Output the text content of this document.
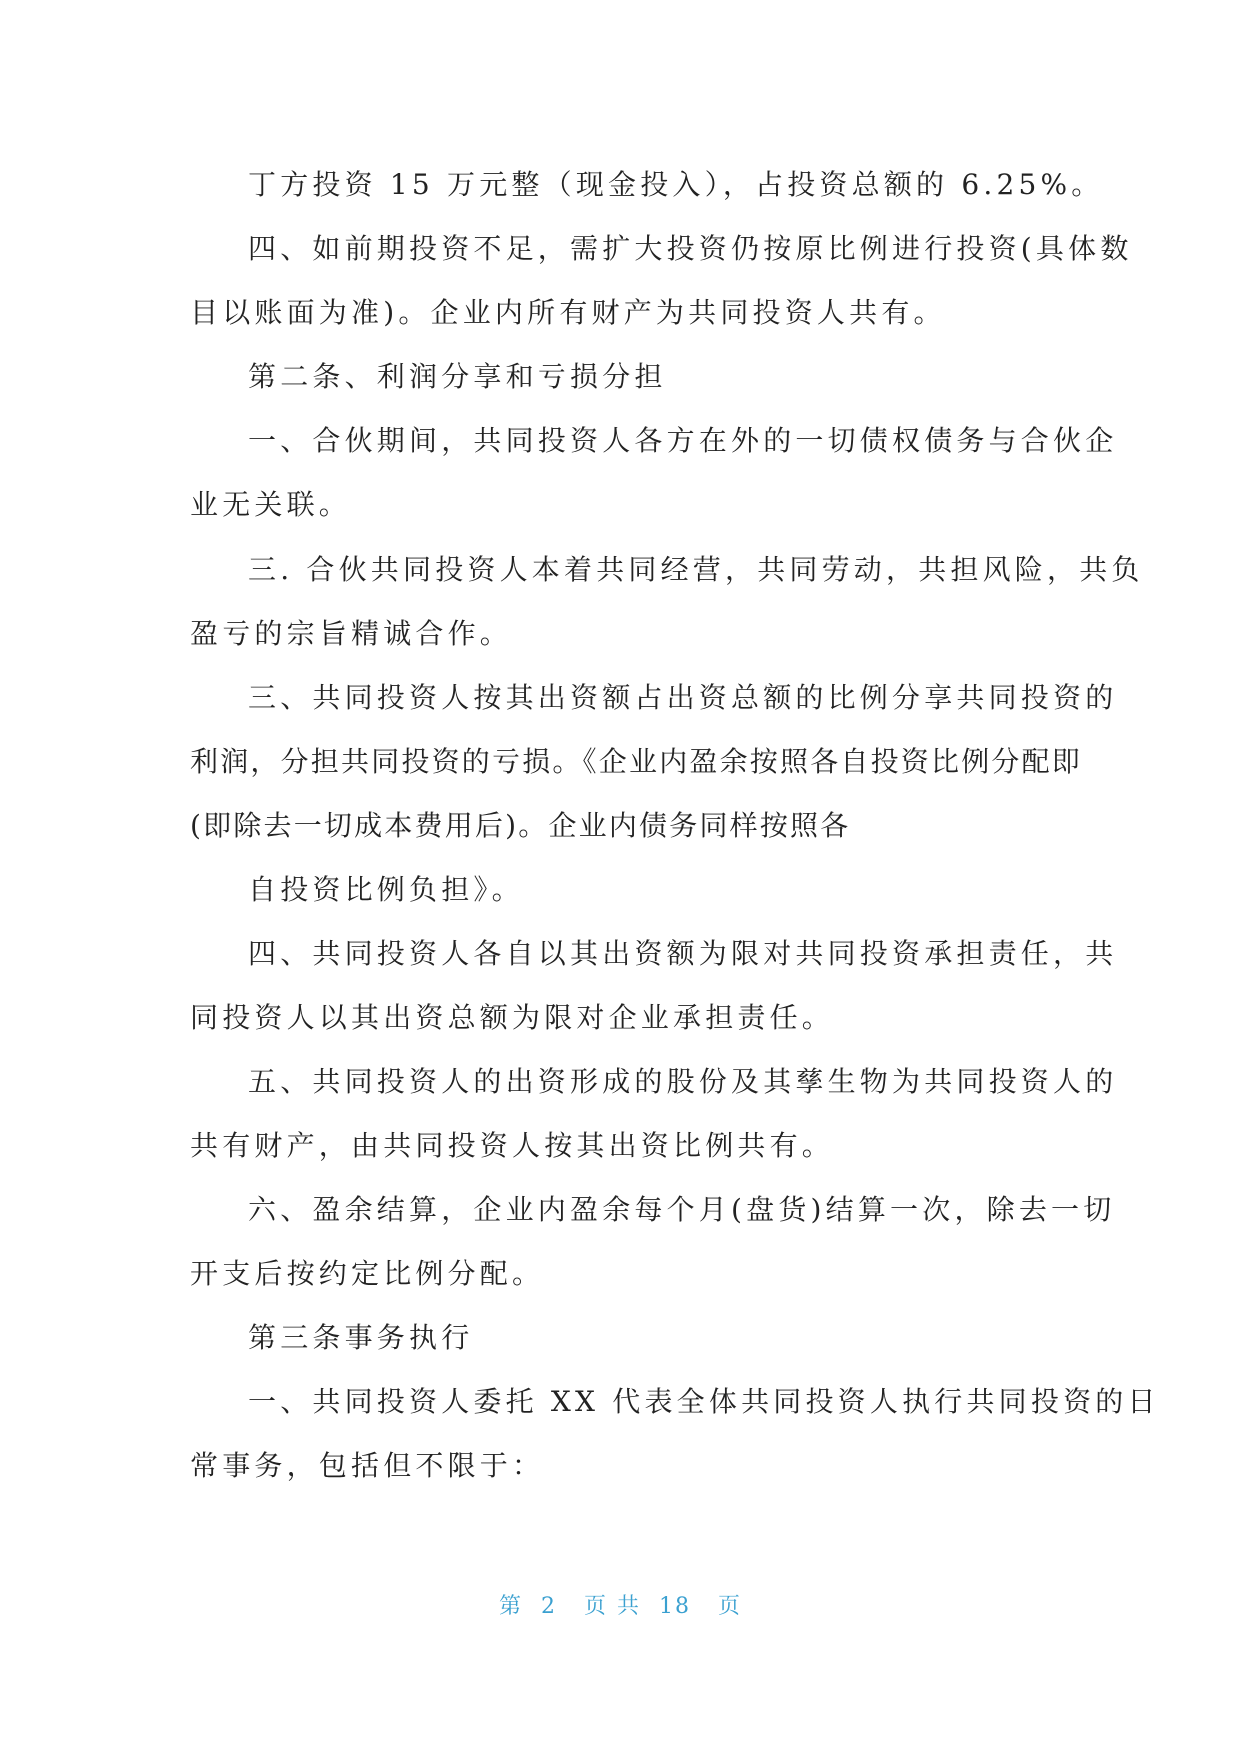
丁方投资 15 万元整（现金投入），占投资总额的 6.25%。
四、如前期投资不足，需扩大投资仍按原比例进行投资(具体数
目以账面为准)。企业内所有财产为共同投资人共有。
第二条、利润分享和亏损分担
一、合伙期间，共同投资人各方在外的一切债权债务与合伙企
业无关联。
三. 合伙共同投资人本着共同经营，共同劳动，共担风险，共负
盈亏的宗旨精诚合作。
三、共同投资人按其出资额占出资总额的比例分享共同投资的
利润，分担共同投资的亏损。《企业内盈余按照各自投资比例分配即
(即除去一切成本费用后)。企业内债务同样按照各
自投资比例负担》。
四、共同投资人各自以其出资额为限对共同投资承担责任，共
同投资人以其出资总额为限对企业承担责任。
五、共同投资人的出资形成的股份及其孳生物为共同投资人的
共有财产，由共同投资人按其出资比例共有。
六、盈余结算，企业内盈余每个月(盘货)结算一次，除去一切
开支后按约定比例分配。
第三条事务执行
一、共同投资人委托 XX 代表全体共同投资人执行共同投资的日
常事务，包括但不限于：
第  2   页 共  18   页
